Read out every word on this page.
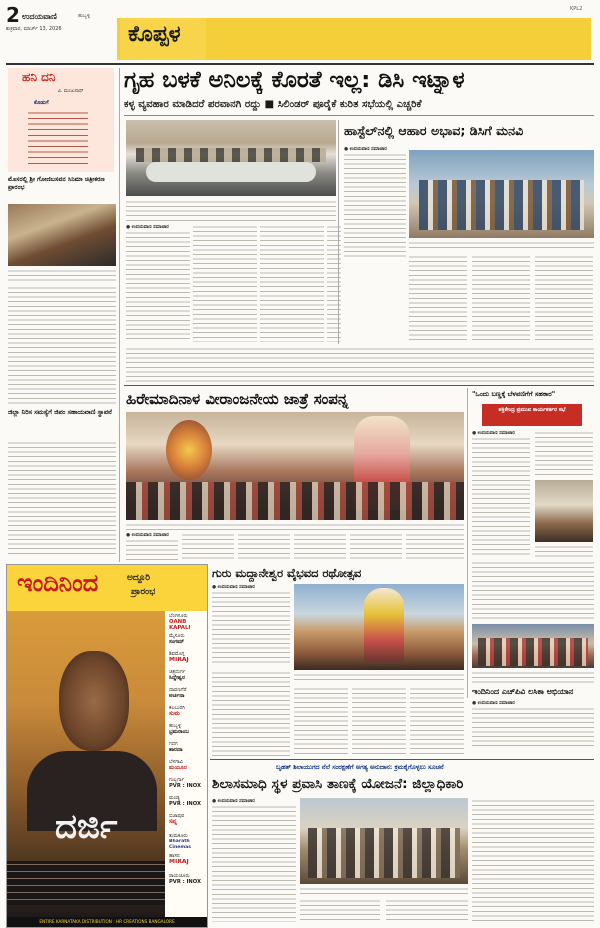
2 ಉದಯವಾಣಿ	ಹುಬ್ಬಳ್ಳಿ
ಶುಕ್ರವಾರ, ಮಾರ್ಚ್‌ 13, 2026	ಕೊಪ್ಪಳ
KPL2
ಹನಿ ದನಿ
ವಿ. ಮಂಜುನಾಥ್
ಕೊಡುಗೆ
ಮೊಸರಲ್ಲಿ ಶ್ರೀ ಗೋಣಿಬಸವನ ಸಿನಿಮಾ ಚಿತ್ರೀಕರಣ ಪ್ರಾರಂಭ
ಜಿಲ್ಲಾ ನಿರಿಸ ಸಮಸ್ಯೆಗೆ ಜಿಪಂ ಸಹಾಯವಾಣಿ ಸ್ಥಾಪನೆ
ಗೃಹ ಬಳಕೆ ಅನಿಲಕ್ಕೆ ಕೊರತೆ ಇಲ್ಲ: ಡಿಸಿ ಇಟ್ನಾಳ
ಕಳ್ಳ ವ್ಯವಹಾರ ಮಾಡಿದರೆ ಪರವಾನಗಿ ರದ್ದು ■ ಸಿಲಿಂಡರ್‌ ಪೂರೈಕೆ ಕುರಿತ ಸಭೆಯಲ್ಲಿ ಎಚ್ಚರಿಕೆ
● ಉದಯವಾಣಿ ಸಮಾಚಾರ
ಹಾಸ್ಟೆಲ್‌ನಲ್ಲಿ ಆಹಾರ ಅಭಾವ; ಡಿಸಿಗೆ ಮನವಿ
● ಉದಯವಾಣಿ ಸಮಾಚಾರ
ಹಿರೇಮಾದಿನಾಳ ವೀರಾಂಜನೇಯ ಜಾತ್ರೆ ಸಂಪನ್ನ
● ಉದಯವಾಣಿ ಸಮಾಚಾರ
"ಒಂದು ಬಣ್ಣಕ್ಕೆ ಬೆಳವಣಿಗೆಗೆ ಸಹಕಾರ"
ಶಕ್ತಿಕೇಂದ್ರ ಪ್ರಮುಖ ಕಾರ್ಯಕರ್ತರ ಸಭೆ
● ಉದಯವಾಣಿ ಸಮಾಚಾರ
ಇಂದಿನಿಂದ ಎಚ್‌ಪಿವಿ ಲಸಿಕಾ ಅಭಿಯಾನ
● ಉದಯವಾಣಿ ಸಮಾಚಾರ
ಇಂದಿನಿಂದ	ಅದ್ದೂರಿ
ಪ್ರಾರಂಭ
ದರ್ಜಿ
ENTIRE KARNATAKA DISTRIBUTION : HR CREATIONS BANGALORE
ಬೆಂಗಳೂರು
OANB KAPALI
ಮೈಸೂರು
ಸಂಗಮ್
ಶಿವಮೊಗ್ಗ
MIRAJ
ಚಿತ್ರದುರ್ಗ
ಸಿದ್ದೇಶ್ವರ
ದಾವಣಗೆರೆ
ಅರ್ಚನಾ
ಕಲಬುರಗಿ
ಸುಮ
ಹುಬ್ಬಳ್ಳಿ
ಭ್ರಮರಾಂಬ
ಗದಗ
ಶಾರದಾ
ಬೆಳಗಾವಿ
ಮಯೂರ
ಗುಲ್ಬರ್ಗಾ
PVR : INOX
ಮಂಡ್ಯ
PVR : INOX
ಬಿಜಾಪುರ
ಸಪ್ನ
ತುಮಕೂರು
Bharath Cinemas
ಹಾಸನ
MIRAJ
ರಾಯಚೂರು
PVR : INOX
ಗುರು ಮದ್ದಾನೇಶ್ವರ ವೈಭವದ ರಥೋತ್ಸವ
● ಉದಯವಾಣಿ ಸಮಾಚಾರ
ಬೃಹತ್ ಶಿಲಾಯುಗದ ನೆಲೆ ಸಂರಕ್ಷಣೆಗೆ ಅಗತ್ಯ ಅನುದಾನ: ಕ್ರಮಕೈಗೊಳ್ಳಲು ಸೂಚನೆ
ಶಿಲಾಸಮಾಧಿ ಸ್ಥಳ ಪ್ರವಾಸಿ ತಾಣಕ್ಕೆ ಯೋಜನೆ: ಜಿಲ್ಲಾಧಿಕಾರಿ
● ಉದಯವಾಣಿ ಸಮಾಚಾರ
